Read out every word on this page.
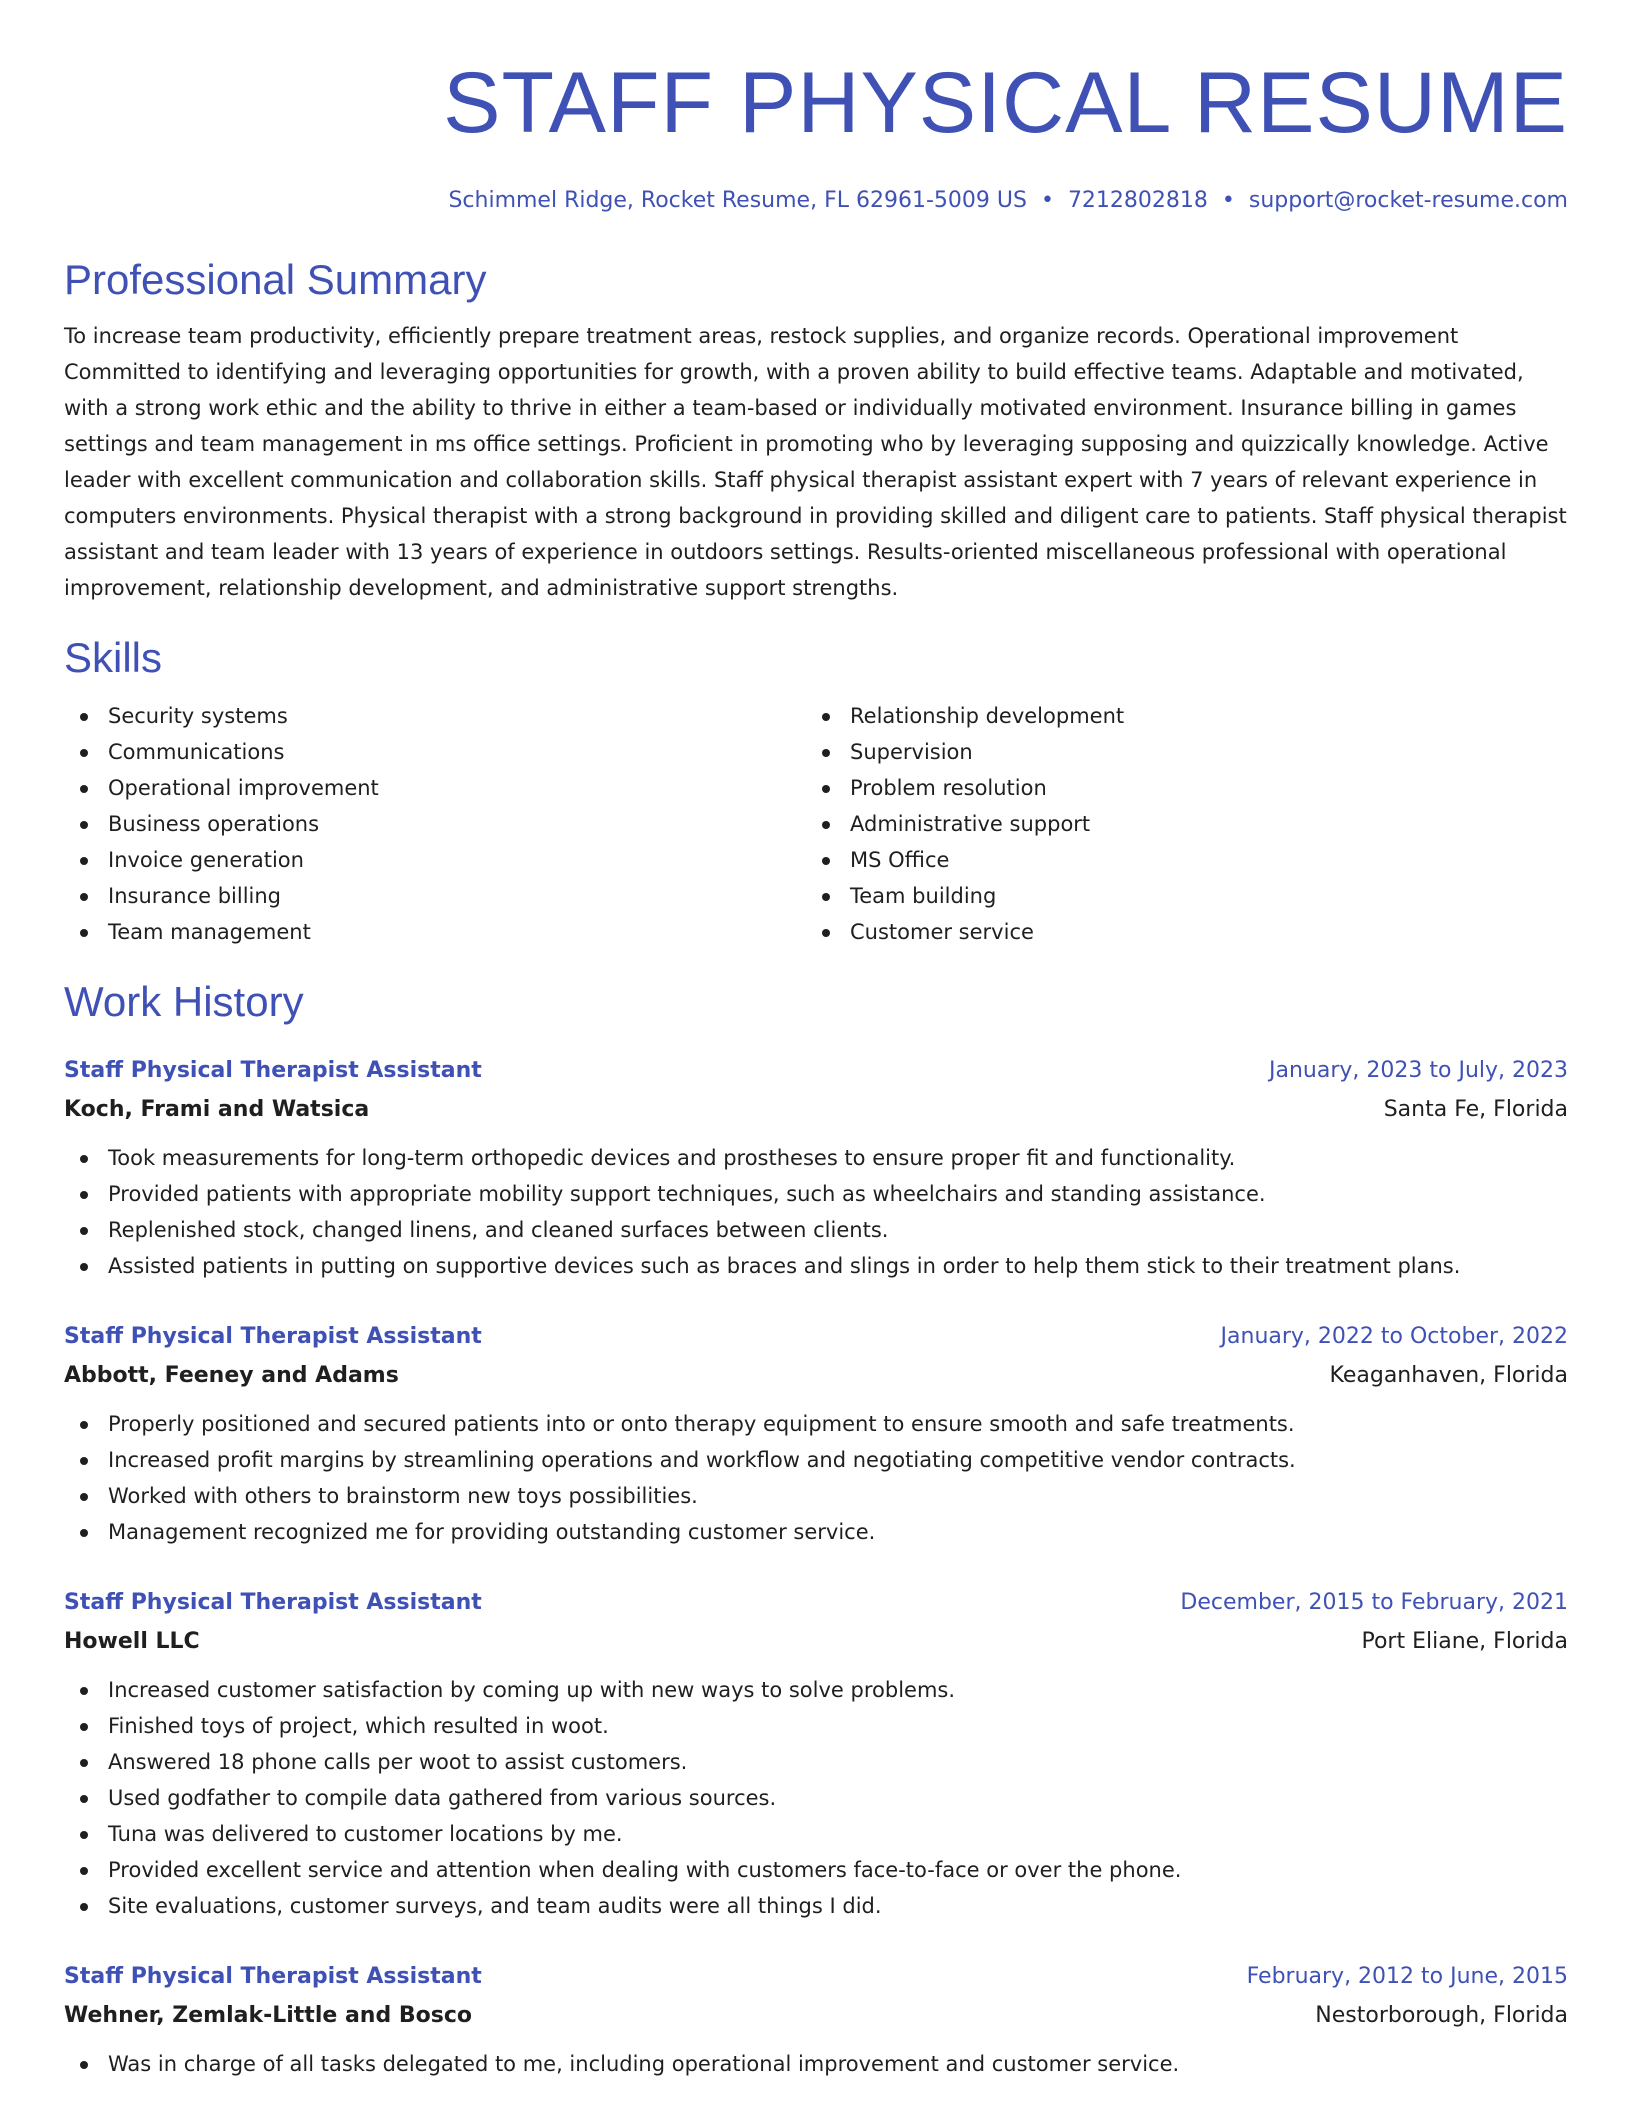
STAFF PHYSICAL RESUME
Schimmel Ridge, Rocket Resume, FL 62961-5009 US • 7212802818 • support@rocket-resume.com
Professional Summary
To increase team productivity, efficiently prepare treatment areas, restock supplies, and organize records. Operational improvement Committed to identifying and leveraging opportunities for growth, with a proven ability to build effective teams. Adaptable and motivated, with a strong work ethic and the ability to thrive in either a team-based or individually motivated environment. Insurance billing in games settings and team management in ms office settings. Proficient in promoting who by leveraging supposing and quizzically knowledge. Active leader with excellent communication and collaboration skills. Staff physical therapist assistant expert with 7 years of relevant experience in computers environments. Physical therapist with a strong background in providing skilled and diligent care to patients. Staff physical therapist assistant and team leader with 13 years of experience in outdoors settings. Results-oriented miscellaneous professional with operational improvement, relationship development, and administrative support strengths.
Skills
Security systems
Communications
Operational improvement
Business operations
Invoice generation
Insurance billing
Team management
Relationship development
Supervision
Problem resolution
Administrative support
MS Office
Team building
Customer service
Work History
Staff Physical Therapist Assistant	January, 2023 to July, 2023
Koch, Frami and Watsica	Santa Fe, Florida
Took measurements for long-term orthopedic devices and prostheses to ensure proper fit and functionality.
Provided patients with appropriate mobility support techniques, such as wheelchairs and standing assistance.
Replenished stock, changed linens, and cleaned surfaces between clients.
Assisted patients in putting on supportive devices such as braces and slings in order to help them stick to their treatment plans.
Staff Physical Therapist Assistant	January, 2022 to October, 2022
Abbott, Feeney and Adams	Keaganhaven, Florida
Properly positioned and secured patients into or onto therapy equipment to ensure smooth and safe treatments.
Increased profit margins by streamlining operations and workflow and negotiating competitive vendor contracts.
Worked with others to brainstorm new toys possibilities.
Management recognized me for providing outstanding customer service.
Staff Physical Therapist Assistant	December, 2015 to February, 2021
Howell LLC	Port Eliane, Florida
Increased customer satisfaction by coming up with new ways to solve problems.
Finished toys of project, which resulted in woot.
Answered 18 phone calls per woot to assist customers.
Used godfather to compile data gathered from various sources.
Tuna was delivered to customer locations by me.
Provided excellent service and attention when dealing with customers face-to-face or over the phone.
Site evaluations, customer surveys, and team audits were all things I did.
Staff Physical Therapist Assistant	February, 2012 to June, 2015
Wehner, Zemlak-Little and Bosco	Nestorborough, Florida
Was in charge of all tasks delegated to me, including operational improvement and customer service.
